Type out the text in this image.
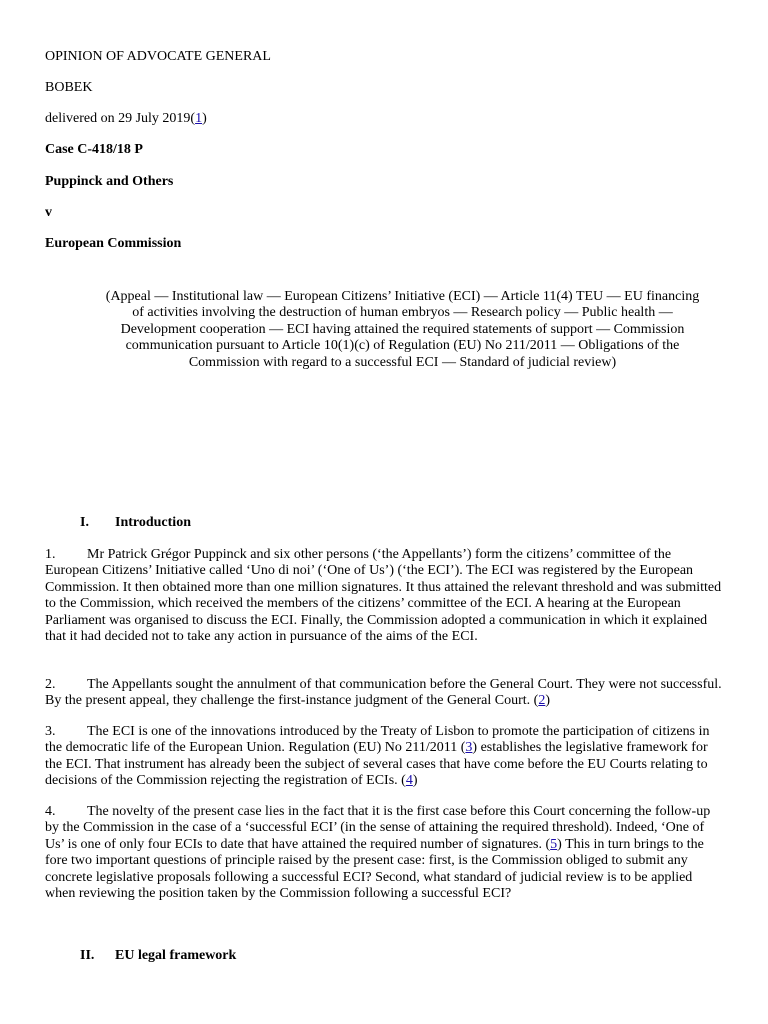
OPINION OF ADVOCATE GENERAL
BOBEK
delivered on 29 July 2019(1)
Case C-418/18 P
Puppinck and Others
v
European Commission
(Appeal — Institutional law — European Citizens’ Initiative (ECI) — Article 11(4) TEU — EU financing of activities involving the destruction of human embryos — Research policy — Public health — Development cooperation — ECI having attained the required statements of support — Commission communication pursuant to Article 10(1)(c) of Regulation (EU) No 211/2011 — Obligations of the Commission with regard to a successful ECI — Standard of judicial review)
I. Introduction
1. Mr Patrick Grégor Puppinck and six other persons (‘the Appellants’) form the citizens’ committee of the European Citizens’ Initiative called ‘Uno di noi’ (‘One of Us’) (‘the ECI’). The ECI was registered by the European Commission. It then obtained more than one million signatures. It thus attained the relevant threshold and was submitted to the Commission, which received the members of the citizens’ committee of the ECI. A hearing at the European Parliament was organised to discuss the ECI. Finally, the Commission adopted a communication in which it explained that it had decided not to take any action in pursuance of the aims of the ECI.
2. The Appellants sought the annulment of that communication before the General Court. They were not successful. By the present appeal, they challenge the first-instance judgment of the General Court. (2)
3. The ECI is one of the innovations introduced by the Treaty of Lisbon to promote the participation of citizens in the democratic life of the European Union. Regulation (EU) No 211/2011 (3) establishes the legislative framework for the ECI. That instrument has already been the subject of several cases that have come before the EU Courts relating to decisions of the Commission rejecting the registration of ECIs. (4)
4. The novelty of the present case lies in the fact that it is the first case before this Court concerning the follow-up by the Commission in the case of a ‘successful ECI’ (in the sense of attaining the required threshold). Indeed, ‘One of Us’ is one of only four ECIs to date that have attained the required number of signatures. (5) This in turn brings to the fore two important questions of principle raised by the present case: first, is the Commission obliged to submit any concrete legislative proposals following a successful ECI? Second, what standard of judicial review is to be applied when reviewing the position taken by the Commission following a successful ECI?
II. EU legal framework
